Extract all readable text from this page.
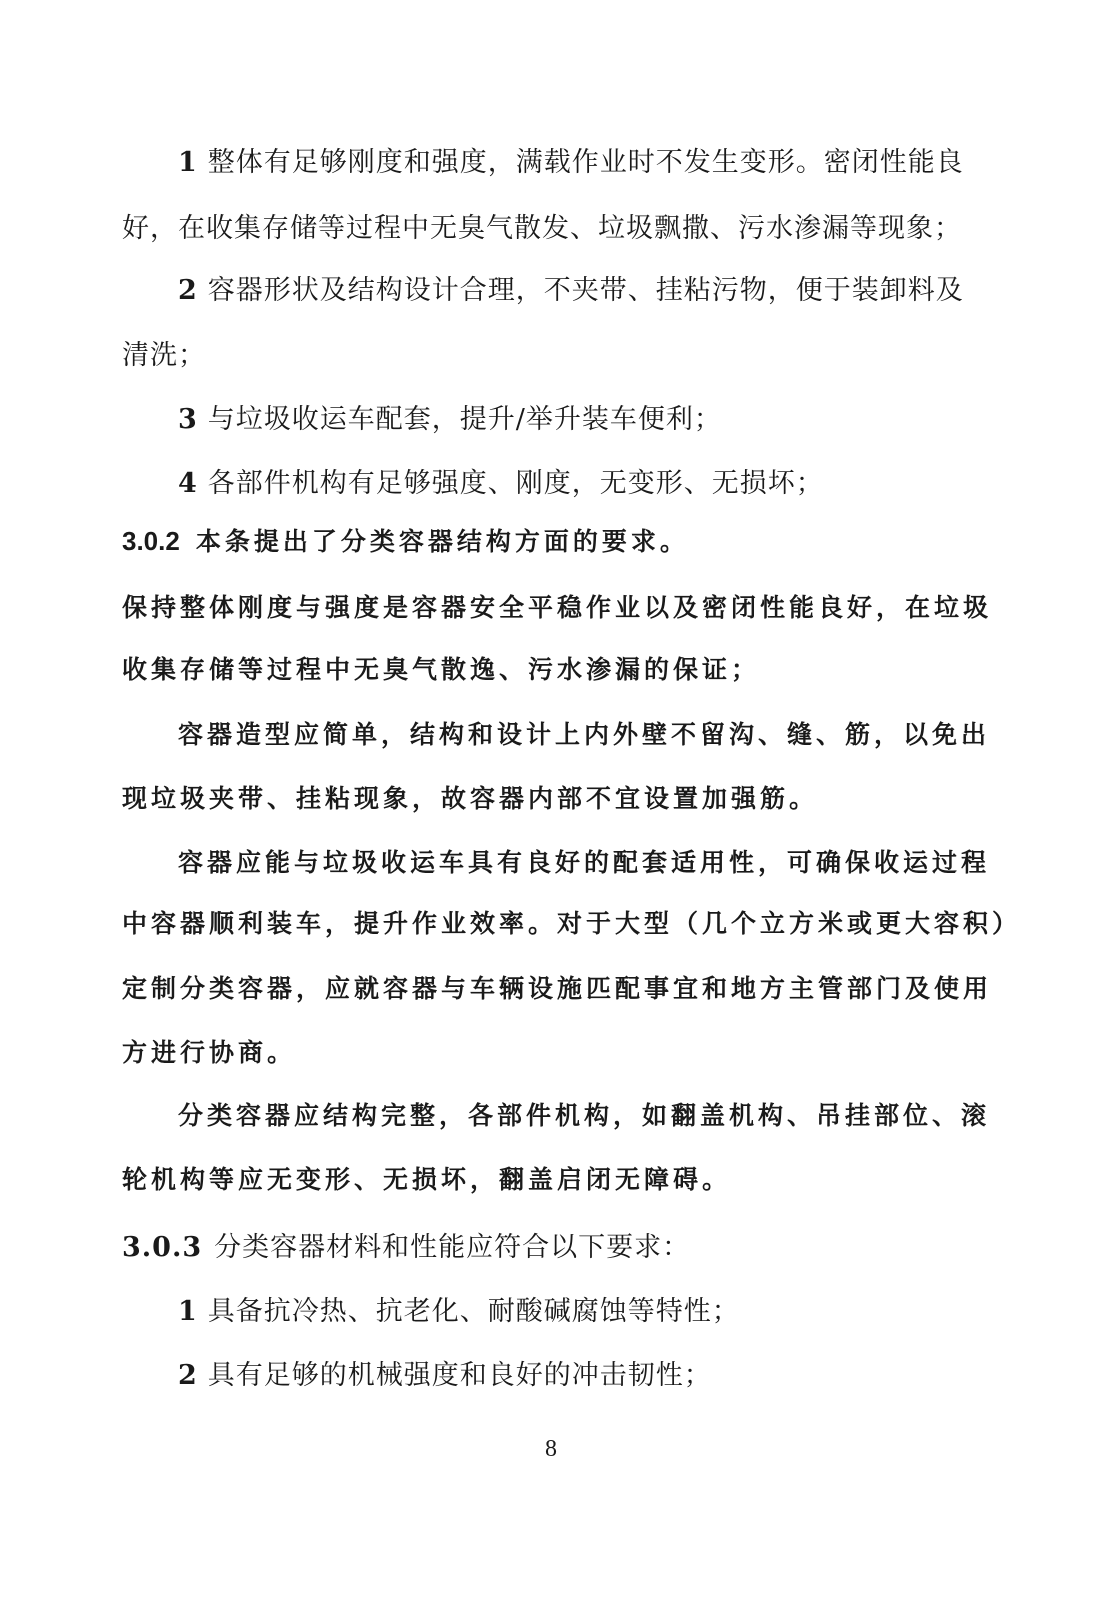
1 整体有足够刚度和强度，满载作业时不发生变形。密闭性能良
好，在收集存储等过程中无臭气散发、垃圾飘撒、污水渗漏等现象；
2 容器形状及结构设计合理，不夹带、挂粘污物，便于装卸料及
清洗；
3 与垃圾收运车配套，提升/举升装车便利；
4 各部件机构有足够强度、刚度，无变形、无损坏；
3.0.2 本条提出了分类容器结构方面的要求。
保持整体刚度与强度是容器安全平稳作业以及密闭性能良好，在垃圾
收集存储等过程中无臭气散逸、污水渗漏的保证；
容器造型应简单，结构和设计上内外壁不留沟、缝、筋，以免出
现垃圾夹带、挂粘现象，故容器内部不宜设置加强筋。
容器应能与垃圾收运车具有良好的配套适用性，可确保收运过程
中容器顺利装车，提升作业效率。对于大型（几个立方米或更大容积）
定制分类容器，应就容器与车辆设施匹配事宜和地方主管部门及使用
方进行协商。
分类容器应结构完整，各部件机构，如翻盖机构、吊挂部位、滚
轮机构等应无变形、无损坏，翻盖启闭无障碍。
3.0.3 分类容器材料和性能应符合以下要求：
1 具备抗冷热、抗老化、耐酸碱腐蚀等特性；
2 具有足够的机械强度和良好的冲击韧性；
8
